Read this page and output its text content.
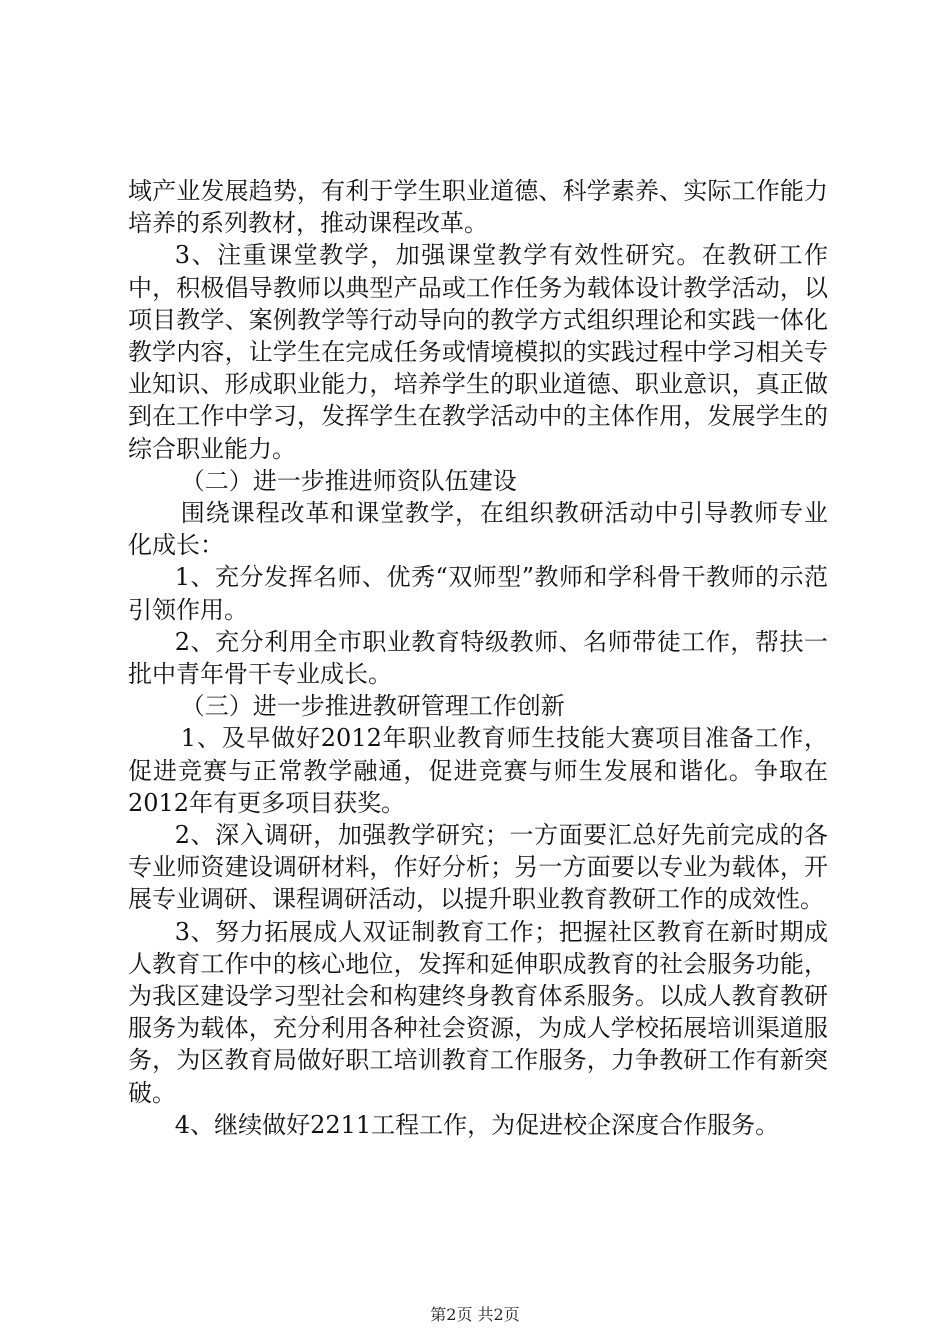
域产业发展趋势，有利于学生职业道德、科学素养、实际工作能力培养的系列教材，推动课程改革。

3、注重课堂教学，加强课堂教学有效性研究。在教研工作中，积极倡导教师以典型产品或工作任务为载体设计教学活动，以项目教学、案例教学等行动导向的教学方式组织理论和实践一体化教学内容，让学生在完成任务或情境模拟的实践过程中学习相关专业知识、形成职业能力，培养学生的职业道德、职业意识，真正做到在工作中学习，发挥学生在教学活动中的主体作用，发展学生的综合职业能力。

（二）进一步推进师资队伍建设

围绕课程改革和课堂教学，在组织教研活动中引导教师专业化成长：

1、充分发挥名师、优秀“双师型”教师和学科骨干教师的示范引领作用。

2、充分利用全市职业教育特级教师、名师带徒工作，帮扶一批中青年骨干专业成长。

（三）进一步推进教研管理工作创新

1、及早做好2012年职业教育师生技能大赛项目准备工作，促进竞赛与正常教学融通，促进竞赛与师生发展和谐化。争取在2012年有更多项目获奖。

2、深入调研，加强教学研究；一方面要汇总好先前完成的各专业师资建设调研材料，作好分析；另一方面要以专业为载体，开展专业调研、课程调研活动，以提升职业教育教研工作的成效性。

3、努力拓展成人双证制教育工作；把握社区教育在新时期成人教育工作中的核心地位，发挥和延伸职成教育的社会服务功能，为我区建设学习型社会和构建终身教育体系服务。以成人教育教研服务为载体，充分利用各种社会资源，为成人学校拓展培训渠道服务，为区教育局做好职工培训教育工作服务，力争教研工作有新突破。

4、继续做好2211工程工作，为促进校企深度合作服务。

第2页 共2页
